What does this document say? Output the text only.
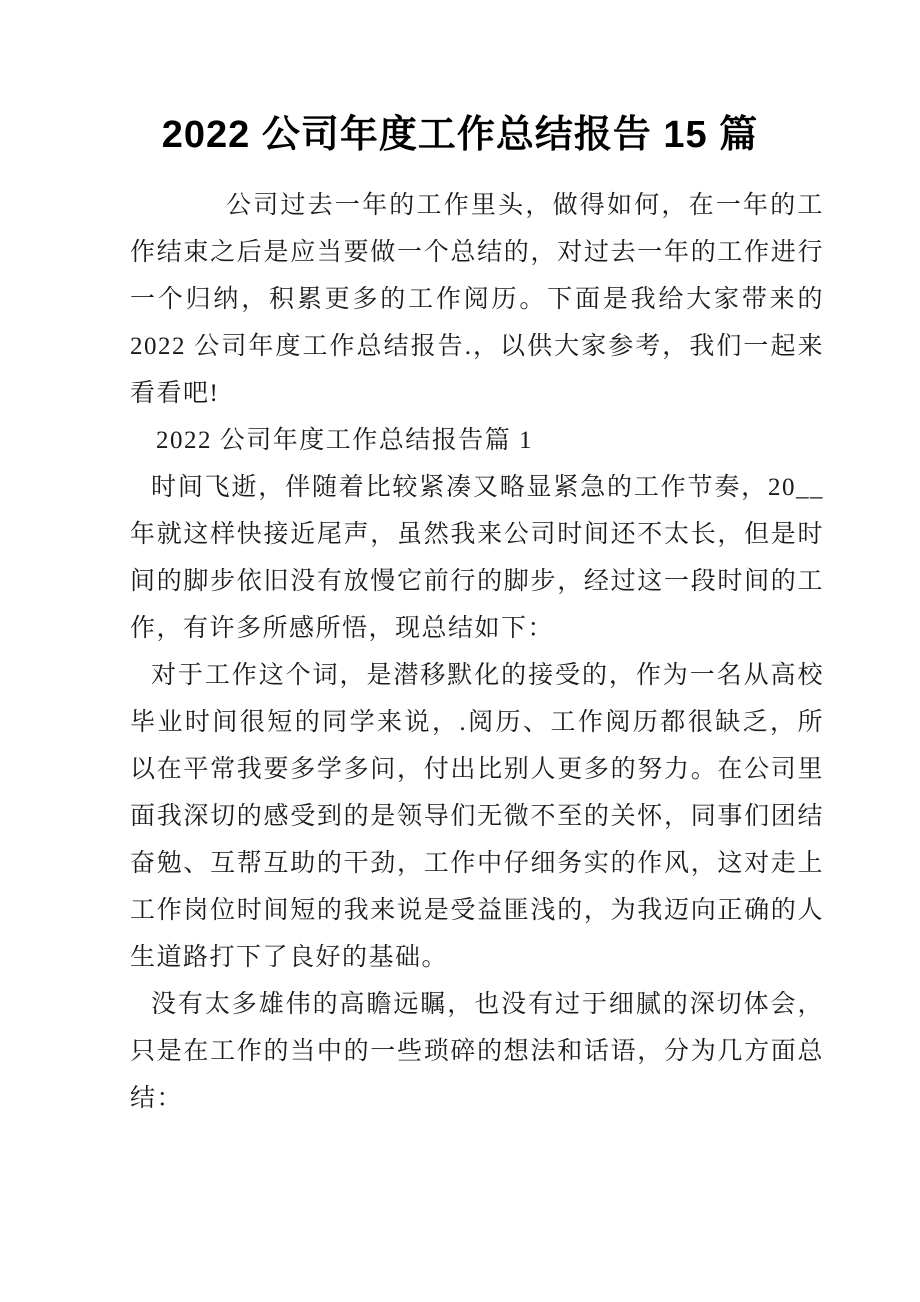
2022 公司年度工作总结报告 15 篇

公司过去一年的工作里头，做得如何，在一年的工作结束之后是应当要做一个总结的，对过去一年的工作进行一个归纳，积累更多的工作阅历。下面是我给大家带来的2022 公司年度工作总结报告.，以供大家参考，我们一起来看看吧!

2022 公司年度工作总结报告篇 1

时间飞逝，伴随着比较紧凑又略显紧急的工作节奏，20__年就这样快接近尾声，虽然我来公司时间还不太长，但是时间的脚步依旧没有放慢它前行的脚步，经过这一段时间的工作，有许多所感所悟，现总结如下：

对于工作这个词，是潜移默化的接受的，作为一名从高校毕业时间很短的同学来说，.阅历、工作阅历都很缺乏，所以在平常我要多学多问，付出比别人更多的努力。在公司里面我深切的感受到的是领导们无微不至的关怀，同事们团结奋勉、互帮互助的干劲，工作中仔细务实的作风，这对走上工作岗位时间短的我来说是受益匪浅的，为我迈向正确的人生道路打下了良好的基础。

没有太多雄伟的高瞻远瞩，也没有过于细腻的深切体会，只是在工作的当中的一些琐碎的想法和话语，分为几方面总结：
